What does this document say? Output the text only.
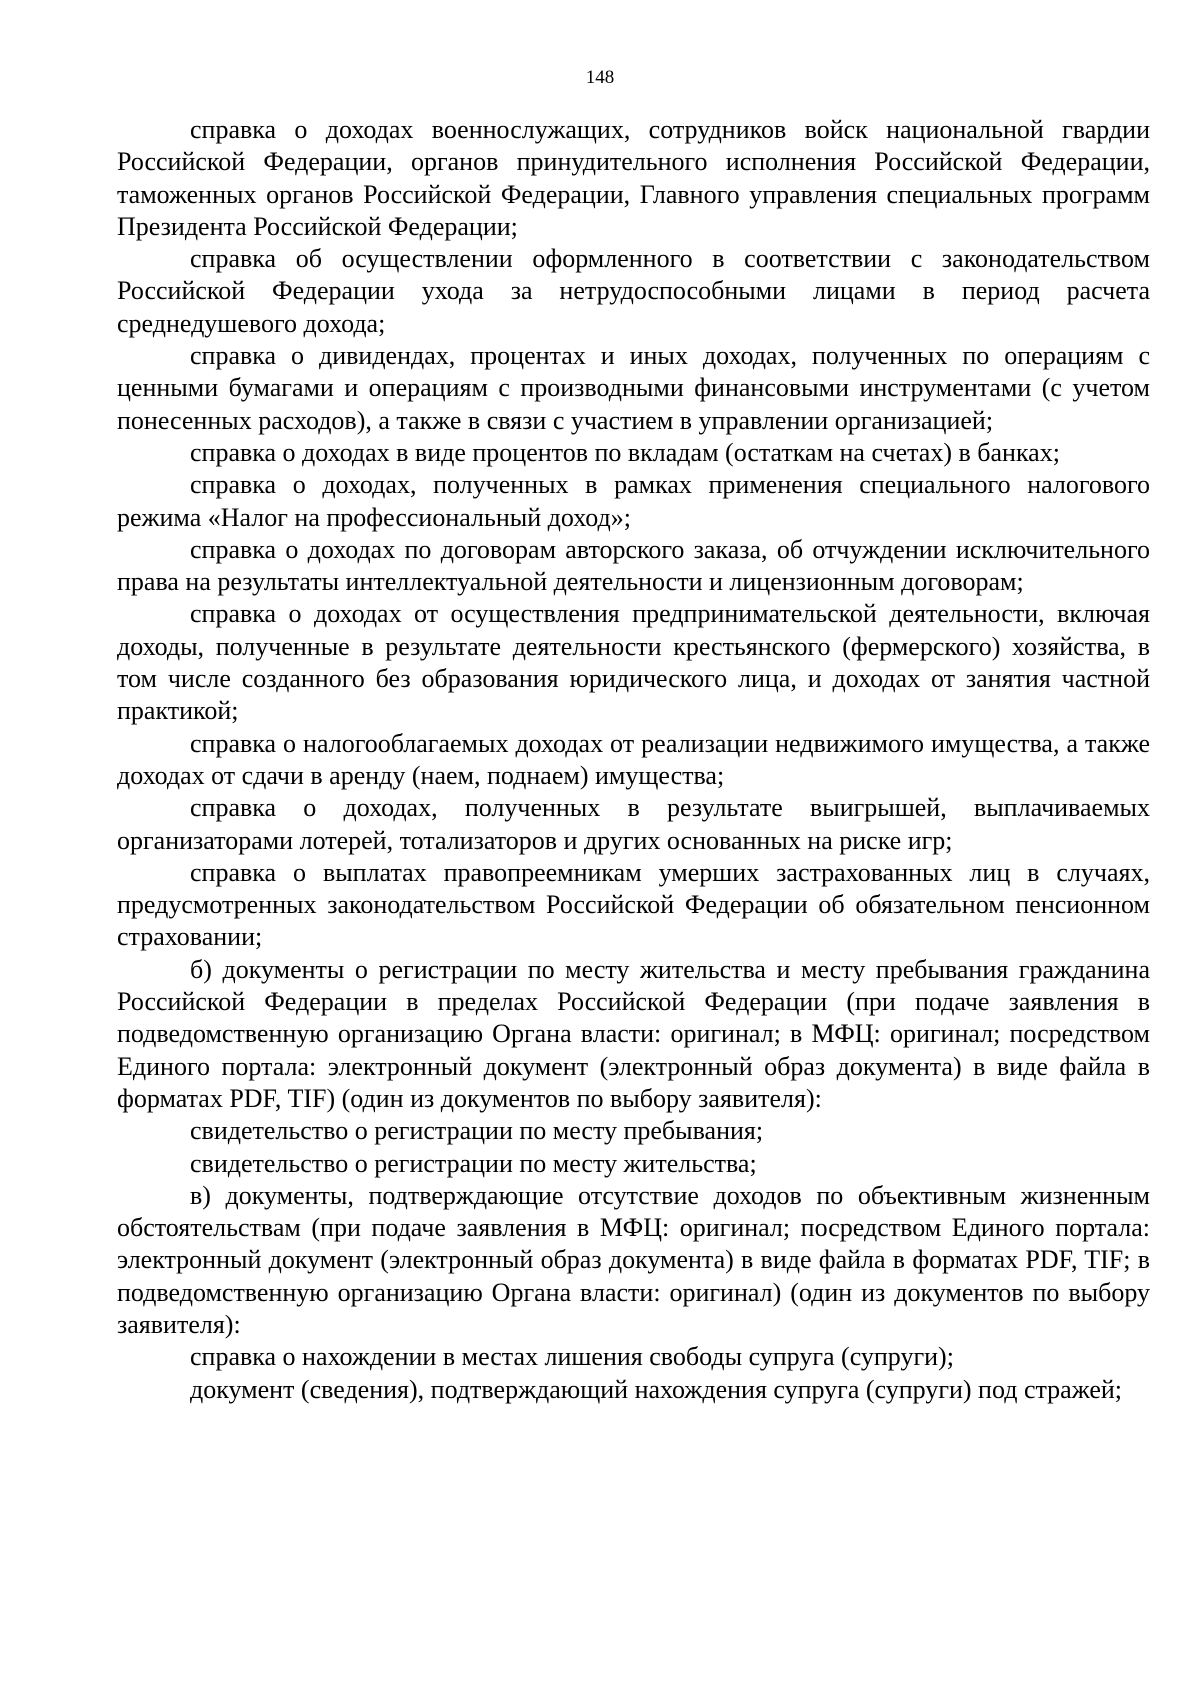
148

справка о доходах военнослужащих, сотрудников войск национальной гвардии Российской Федерации, органов принудительного исполнения Российской Федерации, таможенных органов Российской Федерации, Главного управления специальных программ Президента Российской Федерации;

справка об осуществлении оформленного в соответствии с законодательством Российской Федерации ухода за нетрудоспособными лицами в период расчета среднедушевого дохода;

справка о дивидендах, процентах и иных доходах, полученных по операциям с ценными бумагами и операциям с производными финансовыми инструментами (с учетом понесенных расходов), а также в связи с участием в управлении организацией;

справка о доходах в виде процентов по вкладам (остаткам на счетах) в банках;

справка о доходах, полученных в рамках применения специального налогового режима «Налог на профессиональный доход»;

справка о доходах по договорам авторского заказа, об отчуждении исключительного права на результаты интеллектуальной деятельности и лицензионным договорам;

справка о доходах от осуществления предпринимательской деятельности, включая доходы, полученные в результате деятельности крестьянского (фермерского) хозяйства, в том числе созданного без образования юридического лица, и доходах от занятия частной практикой;

справка о налогооблагаемых доходах от реализации недвижимого имущества, а также доходах от сдачи в аренду (наем, поднаем) имущества;

справка о доходах, полученных в результате выигрышей, выплачиваемых организаторами лотерей, тотализаторов и других основанных на риске игр;

справка о выплатах правопреемникам умерших застрахованных лиц в случаях, предусмотренных законодательством Российской Федерации об обязательном пенсионном страховании;

б) документы о регистрации по месту жительства и месту пребывания гражданина Российской Федерации в пределах Российской Федерации (при подаче заявления в подведомственную организацию Органа власти: оригинал; в МФЦ: оригинал; посредством Единого портала: электронный документ (электронный образ документа) в виде файла в форматах PDF, TIF) (один из документов по выбору заявителя):

свидетельство о регистрации по месту пребывания;

свидетельство о регистрации по месту жительства;

в) документы, подтверждающие отсутствие доходов по объективным жизненным обстоятельствам (при подаче заявления в МФЦ: оригинал; посредством Единого портала: электронный документ (электронный образ документа) в виде файла в форматах PDF, TIF; в подведомственную организацию Органа власти: оригинал) (один из документов по выбору заявителя):

справка о нахождении в местах лишения свободы супруга (супруги);

документ (сведения), подтверждающий нахождения супруга (супруги) под стражей;
